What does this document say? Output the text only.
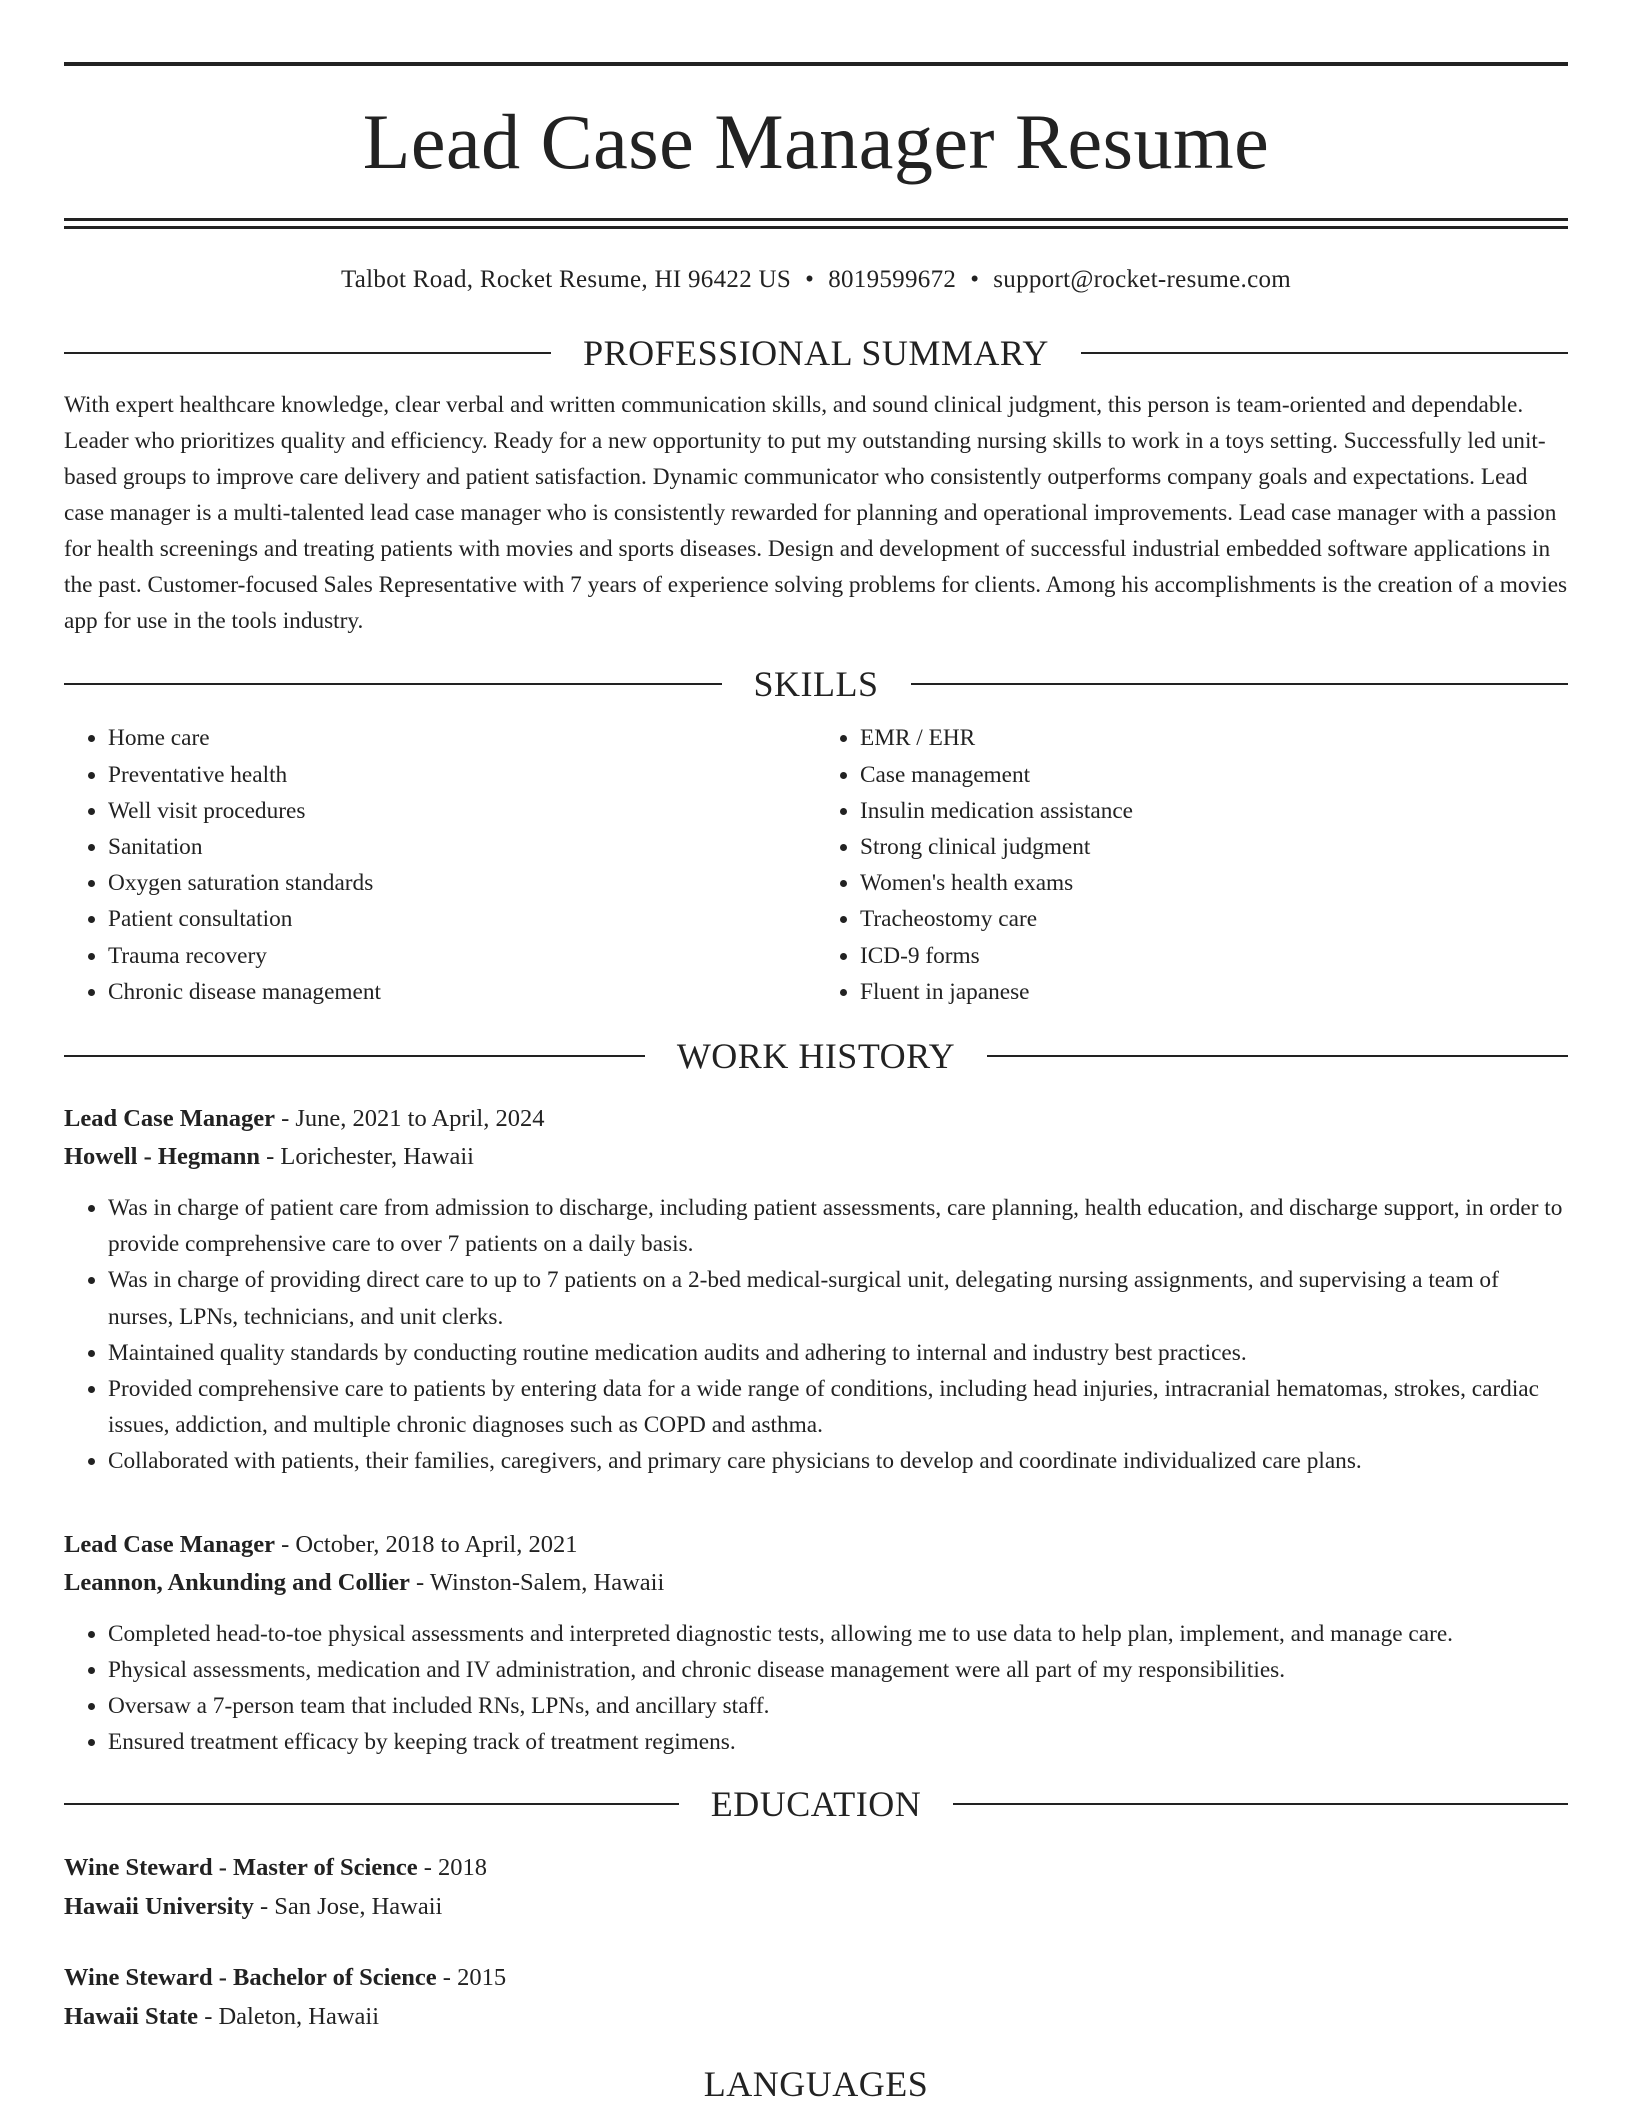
Lead Case Manager Resume
Talbot Road, Rocket Resume, HI 96422 US • 8019599672 • support@rocket-resume.com
PROFESSIONAL SUMMARY

With expert healthcare knowledge, clear verbal and written communication skills, and sound clinical judgment, this person is team-oriented and dependable. Leader who prioritizes quality and efficiency. Ready for a new opportunity to put my outstanding nursing skills to work in a toys setting. Successfully led unit-based groups to improve care delivery and patient satisfaction. Dynamic communicator who consistently outperforms company goals and expectations. Lead case manager is a multi-talented lead case manager who is consistently rewarded for planning and operational improvements. Lead case manager with a passion for health screenings and treating patients with movies and sports diseases. Design and development of successful industrial embedded software applications in the past. Customer-focused Sales Representative with 7 years of experience solving problems for clients. Among his accomplishments is the creation of a movies app for use in the tools industry.

SKILLS
• Home care
• Preventative health
• Well visit procedures
• Sanitation
• Oxygen saturation standards
• Patient consultation
• Trauma recovery
• Chronic disease management
• EMR / EHR
• Case management
• Insulin medication assistance
• Strong clinical judgment
• Women's health exams
• Tracheostomy care
• ICD-9 forms
• Fluent in japanese
WORK HISTORY
Lead Case Manager - June, 2021 to April, 2024
Howell - Hegmann - Lorichester, Hawaii
• Was in charge of patient care from admission to discharge, including patient assessments, care planning, health education, and discharge support, in order to provide comprehensive care to over 7 patients on a daily basis.
• Was in charge of providing direct care to up to 7 patients on a 2-bed medical-surgical unit, delegating nursing assignments, and supervising a team of nurses, LPNs, technicians, and unit clerks.
• Maintained quality standards by conducting routine medication audits and adhering to internal and industry best practices.
• Provided comprehensive care to patients by entering data for a wide range of conditions, including head injuries, intracranial hematomas, strokes, cardiac issues, addiction, and multiple chronic diagnoses such as COPD and asthma.
• Collaborated with patients, their families, caregivers, and primary care physicians to develop and coordinate individualized care plans.
Lead Case Manager - October, 2018 to April, 2021
Leannon, Ankunding and Collier - Winston-Salem, Hawaii
• Completed head-to-toe physical assessments and interpreted diagnostic tests, allowing me to use data to help plan, implement, and manage care.
• Physical assessments, medication and IV administration, and chronic disease management were all part of my responsibilities.
• Oversaw a 7-person team that included RNs, LPNs, and ancillary staff.
• Ensured treatment efficacy by keeping track of treatment regimens.
EDUCATION
Wine Steward - Master of Science - 2018
Hawaii University - San Jose, Hawaii
Wine Steward - Bachelor of Science - 2015
Hawaii State - Daleton, Hawaii
LANGUAGES
